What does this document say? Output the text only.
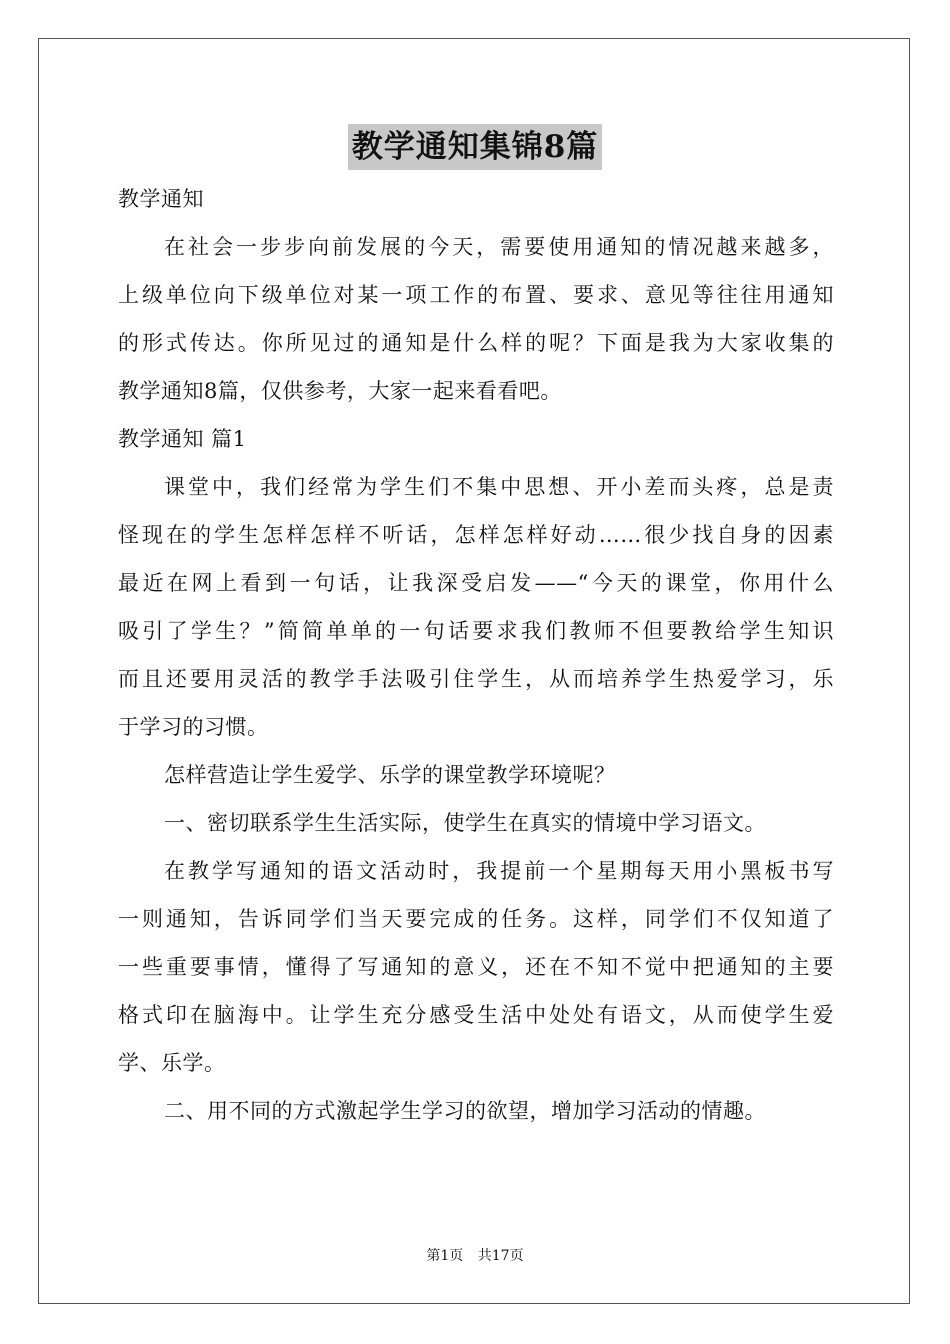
教学通知集锦8篇
教学通知
在社会一步步向前发展的今天，需要使用通知的情况越来越多，
上级单位向下级单位对某一项工作的布置、要求、意见等往往用通知
的形式传达。你所见过的通知是什么样的呢？下面是我为大家收集的
教学通知8篇，仅供参考，大家一起来看看吧。
教学通知 篇1
课堂中，我们经常为学生们不集中思想、开小差而头疼，总是责
怪现在的学生怎样怎样不听话，怎样怎样好动……很少找自身的因素
最近在网上看到一句话，让我深受启发——“今天的课堂，你用什么
吸引了学生？”简简单单的一句话要求我们教师不但要教给学生知识
而且还要用灵活的教学手法吸引住学生，从而培养学生热爱学习，乐
于学习的习惯。
怎样营造让学生爱学、乐学的课堂教学环境呢？
一、密切联系学生生活实际，使学生在真实的情境中学习语文。
在教学写通知的语文活动时，我提前一个星期每天用小黑板书写
一则通知，告诉同学们当天要完成的任务。这样，同学们不仅知道了
一些重要事情，懂得了写通知的意义，还在不知不觉中把通知的主要
格式印在脑海中。让学生充分感受生活中处处有语文，从而使学生爱
学、乐学。
二、用不同的方式激起学生学习的欲望，增加学习活动的情趣。
第1页 共17页
